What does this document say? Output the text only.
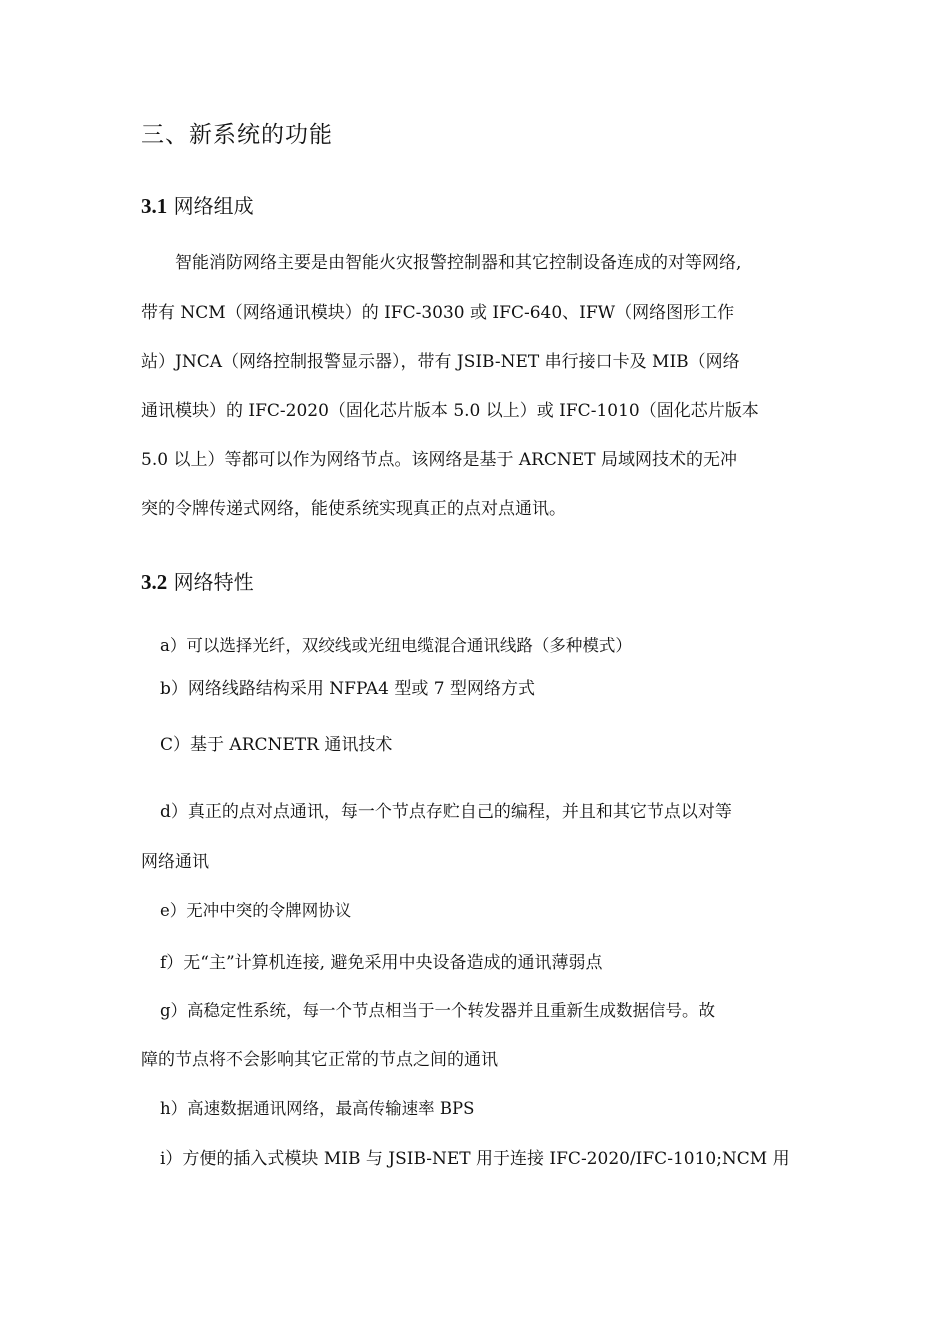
三、新系统的功能
3.1 网络组成
智能消防网络主要是由智能火灾报警控制器和其它控制设备连成的对等网络,
带有 NCM（网络通讯模块）的 IFC-3030 或 IFC-640、IFW（网络图形工作
站）JNCA（网络控制报警显示器），带有 JSIB-NET 串行接口卡及 MIB（网络
通讯模块）的 IFC-2020（固化芯片版本 5.0 以上）或 IFC-1010（固化芯片版本
5.0 以上）等都可以作为网络节点。该网络是基于 ARCNET 局域网技术的无冲
突的令牌传递式网络，能使系统实现真正的点对点通讯。
3.2 网络特性
a）可以选择光纤，双绞线或光纽电缆混合通讯线路（多种模式）
b）网络线路结构采用 NFPA4 型或 7 型网络方式
C）基于 ARCNETR 通讯技术
d）真正的点对点通讯，每一个节点存贮自己的编程，并且和其它节点以对等
网络通讯
e）无冲中突的令牌网协议
f）无“主”计算机连接, 避免采用中央设备造成的通讯薄弱点
g）高稳定性系统，每一个节点相当于一个转发器并且重新生成数据信号。故
障的节点将不会影响其它正常的节点之间的通讯
h）高速数据通讯网络，最高传输速率 BPS
i）方便的插入式模块 MIB 与 JSIB-NET 用于连接 IFC-2020/IFC-1010;NCM 用
